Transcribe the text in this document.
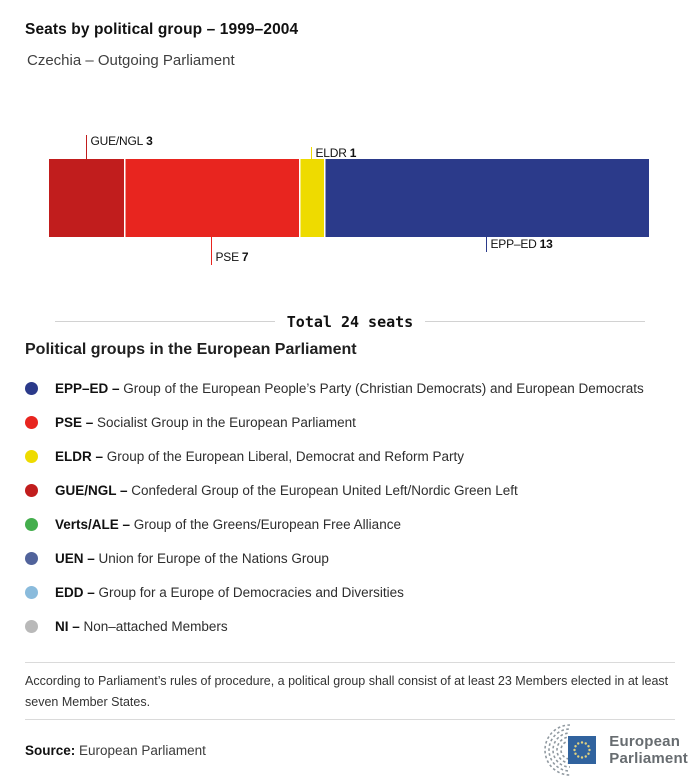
Seats by political group – 1999–2004
Czechia – Outgoing Parliament
GUE/NGL 3
PSE 7
ELDR 1
EPP–ED 13
Total 24 seats
Political groups in the European Parliament
EPP–ED – Group of the European People’s Party (Christian Democrats) and European Democrats
PSE – Socialist Group in the European Parliament
ELDR – Group of the European Liberal, Democrat and Reform Party
GUE/NGL – Confederal Group of the European United Left/Nordic Green Left
Verts/ALE – Group of the Greens/European Free Alliance
UEN – Union for Europe of the Nations Group
EDD – Group for a Europe of Democracies and Diversities
NI – Non–attached Members

According to Parliament’s rules of procedure, a political group shall consist of at least 23 Members elected in at least seven Member States.

Source: European Parliament	European
Parliament
